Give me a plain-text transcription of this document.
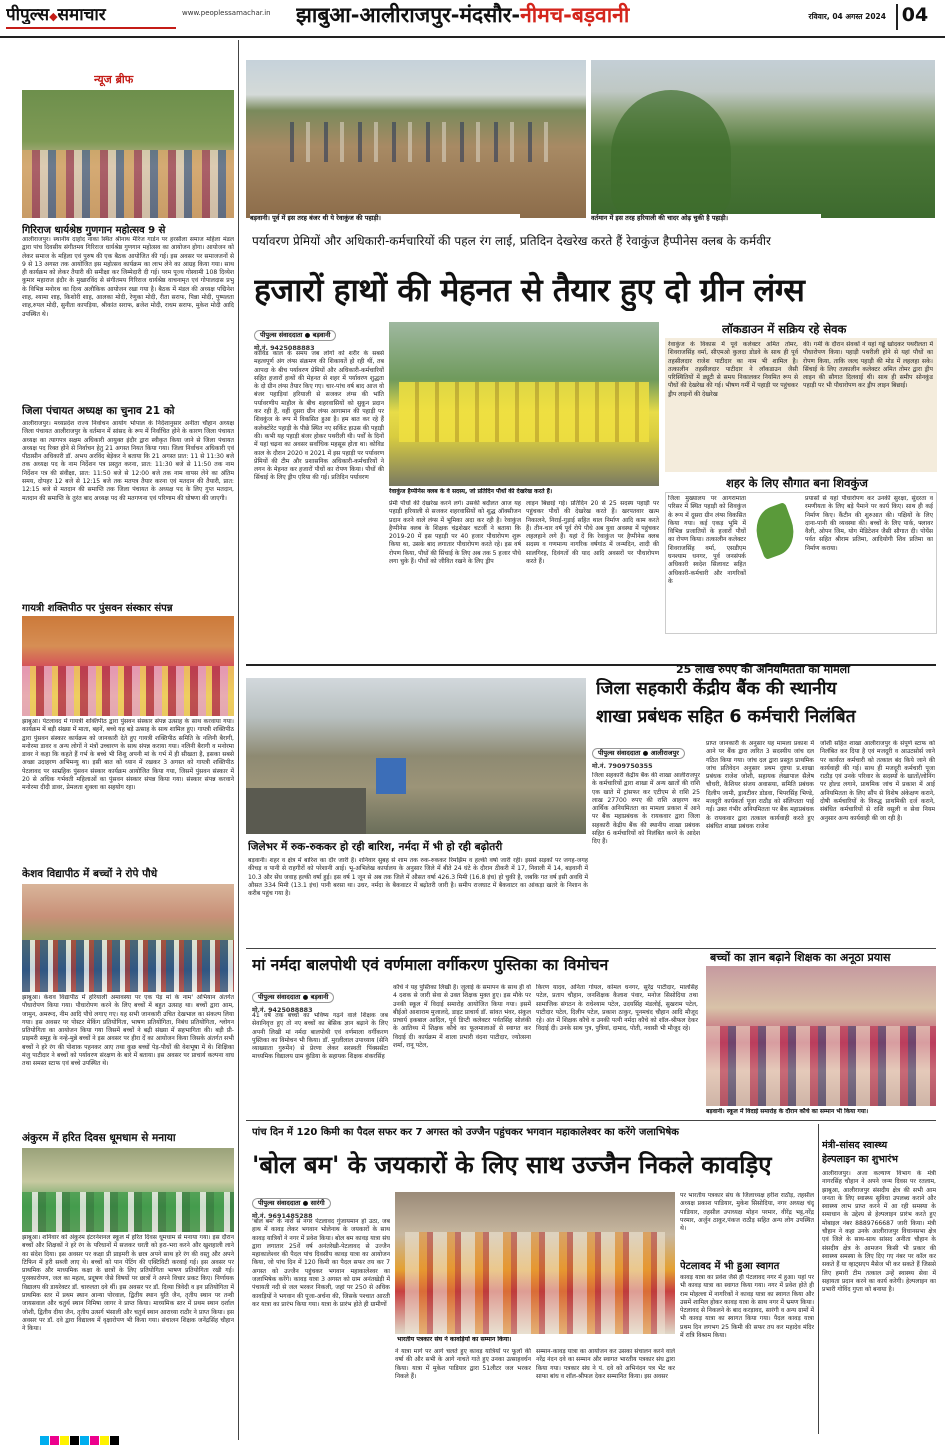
पीपुल्स◆समाचार	www.peoplessamachar.in	झाबुआ-आलीराजपुर-मंदसौर-नीमच-बड़वानी	रविवार, 04 अगस्त 2024 04
न्यूज ब्रीफ
गिरिराज धार्यश्रेष्ठ गुणगान महोत्सव 9 से
आलीराजपुर। स्थानीय दाहोद नाका स्थित श्रीनाथ मैरिज गार्डन पर हरसौला समाज महिला मंडल द्वारा पांच दिवसीय संगीतमय गिरिराज धार्यश्रेष्ठ गुणगान महोत्सव का आयोजन होगा। आयोजन को लेकर समाज के महिला एवं पुरुष की एक बैठक आयोजित की गई। इस अवसर पर समाजजनों से 9 से 13 अगस्त तक आयोजित इस महोत्सव कार्यक्रम का लाभ लेने का आग्रह किया गया। साथ ही कार्यक्रम को लेकर तैयारी की समीक्षा कर जिम्मेदारी दी गई। परम पूज्य गोस्वामी 108 दिव्येश कुमार महाराज इंदौर के मुखारविंद से संगीतमय गिरिराज धार्यश्रेष्ठ वाचनामृत एवं गोपालदास प्रभु के विभिन्न मनोरथ का दिव्य अलौकिक आयोजन रखा गया है। बैठक में मंडल की अध्यक्ष पद्मिनेश शाह, श्यामा शाह, किशोरी शाह, आलका मोदी, रेणुका मोदी, रीता सराफ, पिन्ना मोदी, पुष्पलता शाह,रुपल मोदी, सुनीता कापड़िया, श्रीकांत सराफ, ब्रजेश मोदी, राधम सराफ, मुकेश मोदी आदि उपस्थित थे।
जिला पंचायत अध्यक्ष का चुनाव 21 को
आलीराजपुर। मध्यप्रदेश राज्य निर्वाचन आयोग भोपाल के निर्देशानुसार अनीता चौहान अध्यक्ष जिला पंचायत आलीराजपुर के वर्तमान में सांसद के रूप में निर्वाचित होने के कारण जिला पंचायत अध्यक्ष का त्यागपत्र सक्षम अधिकारी आयुक्त इंदौर द्वारा स्वीकृत किया जाने से जिला पंचायत अध्यक्ष पद रिक्त होने से निर्वाचन हेतु 21 अगस्त नियत किया गया। जिला निर्वाचन अधिकारी एवं पीठासीन अधिकारी डॉ. अभय अरविंद बेड़ेकर ने बताया कि 21 अगस्त प्रात: 11 से 11:30 बजे तक अध्यक्ष पद के नाम निर्देशन पत्र प्रस्तुत करना, प्रात: 11:30 बजे से 11:50 तक नाम निर्देशन पत्र की संवीक्षा, प्रात: 11:50 बजे से 12:00 बजे तक नाम वापस लेने का अंतिम समय, दोपहर 12 बजे से 12:15 बजे तक मतपत्र तैयार करना एवं मतदान की तैयारी, प्रात: 12:15 बजे से मतदान की समाप्ति तक जिला पंचायत के अध्यक्ष पद के लिए गुप्त मतदान, मतदान की समाप्ति के तुरंत बाद अध्यक्ष पद की मतगणना एवं परिणाम की घोषणा की जाएगी।
गायत्री शक्तिपीठ पर पुंसवन संस्कार संपन्न
झाबुआ। पेटलावद में गायत्री शक्तिपीठ द्वारा पुंसवन संस्कार संपन्न उत्साह के साथ करवाया गया। कार्यक्रम में बड़ी संख्या में माता, बहनें, बच्चे यह बड़े उत्साह के साथ शामिल हुए। गायत्री शक्तिपीठ द्वारा पुंसवन संस्कार कार्यक्रम को जानकारी देते हुए गायत्री शक्तिपीठ समिति के नलिनी बैरागी, मनोरमा डावर व अन्य लोगों ने मंत्रों उच्चारण के साथ संपन्न कराया गया। नलिनी बैरागी व मनोरमा डावर ने कहा कि कहते हैं गर्भ के बच्चे भी शिशु अपनी मां के गर्भ में ही सीखता है, इसका सबसे अच्छा उदाहरण अभिमन्यु था। इसी बात को ध्यान में रखकर 3 अगस्त को गायत्री शक्तिपीठ पेटलावद पर साम्रहिक पुंसवन संस्कार कार्यक्रम आयोजित किया गया, जिसमें पुंसवन संस्कार में 20 से अधिक गर्भवती महिलाओं का पुंसवन संस्कार संपन्न किया गया। संस्कार संपन्न करवाने मनोरमा दीदी डावर, प्रेमलता शुक्ला का सहयोग रहा।
केशव विद्यापीठ में बच्चों ने रोपे पौधे
झाबुआ। केशव विद्यापीठ में हरियाली अमावस्या पर एक पेड़ मां के नाम' अभियान अंतर्गत पौधारोपण किया गया। पौधारोपण करने के लिए बच्चों में बहुत उत्साह था। बच्चों द्वारा आम, जामुन, अमरूद, नीम आदि पौधे लगाए गए। यह सभी जानकारी उचित देखभाल का संकल्प लिया गया। इस अवसर पर पोस्टर मेकिंग प्रतियोगिता, भाषण प्रतियोगिता, निबंध प्रतियोगिता, श्लोगन प्रतियोगिता का आयोजन किया गया जिसमें बच्चों ने बढ़ी संख्या में सहभागिता की। बड़ी प्री-प्राइमरी समूह के नन्हे-मुन्ने बच्चों ने इस अवसर पर हीरा दें का आयोजन किया जिसके अंतर्गत सभी बच्चों ने हरे रंग की पोशाक पहनकर आए तथा कुछ बच्चों पेड़-पौधों की वेशभूषा में थे। शिक्षिका मंजु पाटीदार ने बच्चों को पर्यावरण संरक्षण के बारे में बताया। इस अवसर पर प्राचार्य कल्पना वाघ तथा समस्त स्टाफ एवं बच्चे उपस्थित थे।
अंकुरम में हरित दिवस धूमधाम से मनाया
झाबुआ। शनिवार को अंकुरम इंटरनेशनल स्कूल में हरित दिवस धूमधाम से मनाया गया। इस दौरान बच्चों और शिक्षकों ने हरे रंग के परिधानों में सजकर धरती को हरा-भरा करने और खुशहाली लाने का संदेश दिया। इस अवसर पर कक्षा प्री प्राइमरी के छात्र अपने साथ हरे रंग की वस्तु और अपने टिफिन में हरी सब्जी लाए थे। बच्चों को पान पेंटिंग की एक्टिविटी करवाई गई। इस अवसर पर प्राथमिक और माध्यमिक कक्षा के छात्रों के लिए प्रतियोगिता भाषण प्रतियोगिता रखी गई। पुरस्कारोपण, जल का महत्व, प्रदूषण जैसे विषयों पर छात्रों ने अपने विचार प्रकट किए। निर्णायक विद्यालय की डायरेक्टर डॉ. चारुलता दवे थीं। इस अवसर पर डॉ. दिव्या त्रिवेदी व इन प्रतियोगिता में प्राथमिक स्तर में प्रथम स्थान आन्या पोरवाल, द्वितीय स्थान युति जैन, तृतीय स्थान पर तन्वी जायसवाल और चतुर्थ स्थान निमिषा जागर ने प्राप्त किया। माध्यमिक स्तर में प्रथम स्थान दर्शाल जोशी, द्वितीय दीया जैन, तृतीय उत्सर्ग भंसाली और चतुर्थ स्थान आराध्या राठौर ने प्राप्त किया। इस अवसर पर डॉ. दवे द्वारा विद्यालय में वृक्षारोपण भी किया गया। संचालन शिक्षक जनेंद्रसिंह चौहान ने किया।
बड़वानी। पूर्व में इस तरह बंजर थी ये रेवाकुंज की पहाड़ी।	वर्तमान में इस तरह हरियाली की चादर ओढ़ चुकी है पहाड़ी।
पर्यावरण प्रेमियों और अधिकारी-कर्मचारियों की पहल रंग लाई, प्रतिदिन देखरेख करते हैं रेवाकुंज हैप्पीनेस क्लब के कर्मवीर
हजारों हाथों की मेहनत से तैयार हुए दो ग्रीन लंग्स
पीपुल्स संवाददाता ● बड़वानी
मो.नं. 9425088883
कोविड काल के समय जब लोगों को शरीर के सबसे महत्वपूर्ण अंग लंग्स संक्रमण की शिकायतें हो रही थीं, तब आपदा के बीच पर्यावरण प्रेमियों और अधिकारी-कर्मचारियों सहित हजारों हाथों की मेहनत से शहर में पर्यावरण शुद्धता के दो ग्रीन लंग्स तैयार किए गए। चार-पांच वर्ष बाद आज वो बंजर पहाड़ियां हरियाली से सजकर लंग्स की भांति पर्यावरणीय माहौल के बीच शहरवासियों को सुकून प्रदान कर रही हैं, वहीं दूसरा ग्रीन लंग्स आगामान की पहाड़ी पर शिवकुंज के रूप में विकसित हुआ है। हम बात कर रहे हैं कलेक्टोरेट पहाड़ी के पीछे स्थित नए सर्किट हाउस की पहाड़ी की। कभी यह पहाड़ी बंजर होकर पथरीली थी। पर्वों के दिनों में यहां चढ़ना का अवसर सर्वाधिक महसूस होता था। कोविड काल के दौरान 2020 व 2021 में इस पहाड़ी पर पर्यावरण प्रेमियों की टीम और प्रशासनिक अधिकारी-कर्मचारियों ने लगन के मेहनत कर हजारों पौधों का रोपण किया। पौधों की सिंचाई के लिए ड्रीप एरिया की गई। प्रतिदिन पर्यावरण
रेवाकुंज हैप्पीनेस क्लब के वे सदस्य, जो प्रतिदिन पौधों की देखरेख करते हैं।
प्रेमी पौधों की देखरेख करने लगे। उसकी बदौलत आज यह पहाड़ी हरियाली से सजकर शहरवासियों को शुद्ध ऑक्सीजन प्रदान करने वाले लंग्स में भूमिका अदा कर रही है। रेवाकुंज हैप्पीनेस क्लब के शिक्षक चंद्रशेखर चटर्जी ने बताया कि 2019-20 में इस पहाड़ी पर 40 हजार पौधारोपण शुरू किया था, उसके बाद लगातार पौधारोपण करते रहे। इस वर्ष रोपण किया, पौधों की सिंचाई के लिए अब तक 5 हजार पौधे लगा चुके हैं। पौधों को जीवित रखने के लिए ड्रीप
लाइन बिछाई गई। प्रतिदिन 20 से 25 सदस्य पहाड़ी पर पहुंचकर पौधों की देखरेख करते हैं। खरपतवार खत्म निकालने, निराई-गुड़ाई सहित थाल निर्माण आदि काम करते हैं। तीन-चार वर्ष पूर्व रोपे पौधे अब युवा अवस्था में पहुंचकर लहलहाने लगे हैं। यहां दें कि रेवाकुंज पर हैप्पीनेस क्लब सदस्य व गणमान्य नागरिक वर्षगांठ में जन्मदिन, शादी की सालगिरह, दिवंगतों की याद आदि अवसरों पर पौधारोपण करते हैं।
लॉकडाउन में सक्रिय रहे सेवक
रेवाकुंज के विकास में पूर्व कलेक्टर अमित तोमर, शिवराजसिंह वर्मा, सीएमओ कुलदा डोडवे के साथ ही पूर्व तहसीलदार राजेश पाटीदार का नाम भी शामिल है। तत्कालीन तहसीलदार पाटीदार ने लॉकडाउन जैसी परिस्थितियों में ड्यूटी से समय निकालकर नियमित रूप से पौधों की देखरेख की गई। भीषण गर्मी में पहाड़ी पर पहुंचकर ड्रीप लाइनों की देखरेख
की। गर्मी के दौरान सेवकों ने यहां गड्ढे खोदकर पथरीलता में पौधारोपण किया। पहाड़ी पथरीली होने से यहां पौधों का रोपण किया, ताकि जल्द पहाड़ी की मोड में लहलहा सके। सिंचाई के लिए तत्कालीन कलेक्टर अमित तोमर द्वारा ड्रीप लाइन की सौगात दिलवाई थी। साथ ही समीप सोनकुंड पहाड़ी पर भी पौधारोपण कर ड्रीप लाइन बिछाई।
शहर के लिए सौगात बना शिवकुंज
जिला मुख्यालय पर आगरामाता परिसर में स्थित पहाड़ी को शिवकुंज के रूप में दूसरा ग्रीन लंग्स विकसित किया गया। कई एकड़ भूमि में विभिन्न प्रजातियों के हजारों पौधों का रोपण किया। तत्कालीन कलेक्टर शिवराजसिंह वर्मा, एसडीएम घनश्याम धनगर, पूर्व जनसंपर्क अधिकारी स्वदेश सिलावट सहित अधिकारी-कर्मचारी और नागरिकों के
प्रयासों से यहां पौधारोपण कर उनकी सुरक्षा, सुंदरता व रमणीयता के लिए बड़े पैमाने पर कार्य किए। साथ ही कई निर्माण किए। कैंटीन की शुरुआत की। पक्षियों के लिए दाना-पानी की व्यवस्था की। बच्चों के लिए पार्क, फ्लावर वैली, ओपन जिम, योग मेडिटेशन जैसी सौगात दी। पोयेंस पर्वत सहित श्रीराम प्रतिमा, आदियोगी शिव प्रतिमा का निर्माण कराया।
जिलेभर में रुक-रुककर हो रही बारिश, नर्मदा में भी हो रही बढ़ोतरी
बड़वानी। शहर व क्षेत्र में बारिश का दौर जारी है। शनिवार सुबह से शाम तक रुक-रुककर रिमझिम व हल्की वर्षा जारी रही। इससे सड़कों पर जगह-जगह कीचड़ व पानी से राहगीरों को परेशानी आई। भू-अभिलेख कार्यालय के अनुसार जिले में बीते 24 घंटे के दौरान ठीकरी में 17, निवाली में 14, बड़वानी में 10.3 और सेंध जवाह हल्की वर्षा हुई। इस वर्ष 1 जून से अब तक जिले में औसत वर्षा 426.3 मिमी (16.8 इंच) हो चुकी है, जबकि गत वर्ष इसी अवधि में औसत 334 मिमी (13.1 इंच) पानी बरसा था। उधर, नर्मदा के बैकवाटर में बढ़ोतरी जारी है। समीप राजघाट में बैकवाटर का आंकड़ा खतरे के निशान के करीब पहुंच गया है।
25 लाख रुपए की अनियमितता का मामला
जिला सहकारी केंद्रीय बैंक की स्थानीय
शाखा प्रबंधक सहित 6 कर्मचारी निलंबित
पीपुल्स संवाददाता ● आलीराजपुर
मो.नं. 7909750355
जिला सहकारी केंद्रीय बैंक की शाखा आलीराजपुर के कर्मचारियों द्वारा शाखा में अन्य खातों की राशि एक खाते में ट्रांसफर कर एटीएम से राशि 25 लाख 27700 रुपए की राशि आहरण कर आर्थिक अनियमितता का मामला प्रकाश में आने पर बैंक महाप्रबंधक के रायकवार द्वारा जिला सहकारी केंद्रीय बैंक की स्थानीय शाखा प्रबंधक सहित 6 कर्मचारियों को निलंबित करने के आदेश दिए हैं।
प्राप्त जानकारी के अनुसार यह मामला प्रकाश में आने पर बैंक द्वारा त्वरित 3 सदस्यीय जांच दल गठित किया गया। जांच दल द्वारा प्रस्तुत प्राथमिक जांच प्रतिवेदन अनुसार प्रथम दृष्टया प्र.शाखा प्रबंधक राजेश जोशी, सहायक लेखापाल सैलेष चौधरी, कैशियर संजय अवासया, समिति प्रबंधक दिलीप जामी, ड्रायटीवर डोडवा, भिपरसिंह भिण्डे, मजदूरी कार्यकर्ता पूजा राठौड़ को संलिप्तता पाई गई। उक्त गंभीर अनियमितता पर बैंक महाप्रबंधक के रायकवार द्वारा तत्काल कार्यवाही करते हुए संबंधित शाखा प्रबंधक राजेश
जोशी सहित शाखा आलीराजपुर के संपूर्ण स्टाफ को निलंबित कर दिया है एवं मजदूरी व आउटसोर्स जाने पर कार्यरत कर्मचारी को तत्काल बंद किये जाने की कार्यवाही की गई। साथ ही मजदूरी कर्मचारी पूजा राठौड़ एवं उनके परिवार के सदस्यों के खातों/लोनिंग पर होल्ड लगाने, प्राथमिक जांच में प्रकाश में आई अनियमितता के लिए सौंप से विशेष अंकेक्षण कराने, दोषी कर्मचारियों के विरुद्ध प्राथमिकी दर्ज कराने, संबंधित कर्मचारियों से राशि वसूली व सेवा नियम अनुसार अन्य कार्यवाही की जा रही है।
मां नर्मदा बालपोथी एवं वर्णमाला वर्गीकरण पुस्तिका का विमोचन
पीपुल्स संवाददाता ● बड़वानी
मो.नं. 9425088883
41 वर्ष तक बच्चों का भविष्य गढ़ने वाले शिक्षक जब सेवानिवृत्त हुए तो नए बच्चों का बेसिक ज्ञान बढ़ाने के लिए अपनी लिखी मां नर्मदा बालपोथी एवं वर्णमाला वर्गीकरण पुस्तिका का विमोचन भी किया। डॉ. मुरलीलाल उपाध्याय (सेनि व्याख्याता गुरुमेंन) से प्रेरणा लेकर सरस्वती पिंक्ससँटा माध्यमिक विद्यालय ग्राम कुंडिया के सहायक शिक्षक शंकरसिंह
कौचे ने यह पुस्तिका लिखी है। जुलाई के समापन के साथ ही वो 4 दशक से जारी सेवा से उक्त शिक्षक मुक्त हुए। इस मौके पर उनकी स्कूल में विदाई समारोह आयोजित किया गया। इसमें बीईओ आशाराम मुजालदे, डाइट प्राचार्य डॉ. सांवत भंवर, संकुल प्राचार्य इकबाल आदिल, पूर्व डिप्टी कलेक्टर पर्वतसिंह सोलंकी के आतिथ्य में शिक्षक कौचे का फूलमालाओं से स्वागत कर विदाई दी। कार्यक्रम में शाला प्रभारी वंदना पाटीदार, ज्योत्सना शर्मा, रानू पटेल,
किरण यादव, अनिता गोयल, कोमल धनगर, सुरेंद्र पाटीदार, मालसिंह पटेल, प्रताप चौहान, जनशिक्षक कैलाश पंवार, मनोज सिसोदिया तथा सामाजिक संगठन के राधेश्याम पटेल, उदयसिंह मंडलोई, सुखराम पटेल, पाटीदार पटेल, दिलीप पटेल, प्रकाश ठाकुर, पूनमचंद चौहान आदि मौजूद रहे। अंत में शिक्षक कौचे व उनकी पत्नी नर्मदा कौचे को शॉल-श्रीफल देकर विदाई दी। उनके साथ पुत्र, पुत्रियां, दामाद, पोती, नवासी भी मौजूद रहे।
बच्चों का ज्ञान बढ़ाने शिक्षक का अनूठा प्रयास
बड़वानी। स्कूल में विदाई समारोह के दौरान कौचे का सम्मान भी किया गया।
पांच दिन में 120 किमी का पैदल सफर कर 7 अगस्त को उज्जैन पहुंचकर भगवान महाकालेश्वर का करेंगे जलाभिषेक
'बोल बम' के जयकारों के लिए साथ उज्जैन निकले कावड़िए
पीपुल्स संवाददाता ● सारंगी
मो.नं. 9691485288
'बोल बम' के नारों से नगर पेटलावद गुंजायमान हो उठा, जब हाथ में कावड़ लेकर भगवान भोलेनाथ के जयकारों के साथ कावड़ यात्रियों ने नगर में प्रवेश किया। बोल बम कावड़ यात्रा संघ द्वारा लगातार 25वें वर्ष अनंतरेखी-पेटलावद से उज्जैन महाकालेश्वर की पैदल पांच दिवसीय कावड़ यात्रा का आयोजन किया, जो पांच दिन में 120 किमी का पैदल सफर तय कर 7 अगस्त को उज्जैन पहुंचकर भगवान महाकालेश्वर का जलाभिषेक करेंगे। कावड़ यात्रा 3 अगस्त को ग्राम अनंतखेड़ी में पंचायती नदी से जल भरकर निकली, जहां पर 250 से अधिक कावड़ियों ने भगवान की पूजा-अर्चना की, जिसके पश्चात आरती कर यात्रा का प्रारंभ किया गया। यात्रा के प्रारंभ होते ही ग्रामीणों
भारतीय पत्रकार संघ ने कावड़ियों का सम्मान किया।
ने यात्रा मार्ग पर आगे चलते हुए कावड़ यात्रियों पर फूलों की वर्षा की और सभी के आगे नाचते गाते हुए उनका उत्साहवर्धन किया। यात्रा में मुकेश पाडियार द्वारा 51लीटर जल भरकर निकले हैं।
सम्मान-कावड़ यात्रा का आयोजन कर उसका संचालन करने वाले नरेंद्र नंदन दवे का सम्मान और स्वागत भारतीय पत्रकार संघ द्वारा किया गया। पत्रकार संघ ने पं. दवे को अभिनंदन पत्र भेंट कर साफा बांध व शॉल-श्रीफल देकर सम्मानित किया। इस अवसर
पर भारतीय पत्रकार संघ के जिलाध्यक्ष हरीश राठौड़, तहसील अध्यक्ष प्रकाश पाडियार, मुकेश सिसोदिया, नगर अध्यक्ष चंदू पाडियार, तहसील उपाध्यक्ष मोहन परमार, वीरेंद्र भट्ट,नरेंद्र परमार, अर्जुन ठाकुर,पंकज राठौड़ सहित अन्य लोग उपस्थित थे।
पेटलावद में भी हुआ स्वागत
कावड़ यात्रा का प्रवेश जैसे ही पेटलावद नगर में हुआ। यहां पर भी कावड़ यात्रा का स्वागत किया गया। नगर में प्रवेश होते ही राम मोहल्ला में नागरिकों ने कावड़ यात्रा का स्वागत किया और उसमें शामिल होकर कावड़ यात्रा के साथ नगर में भ्रमण किया। पेटलावद से निकलने के बाद करड़ावद, सारंगी व अन्य ग्रामों में भी कावड़ यात्रा का स्वागत किया गया। पैदल कावड़ यात्रा प्रथम दिन लगभग 25 किमी की सफर तय कर महादेव मंदिर में रात्रि विश्राम किया।
मंत्री-सांसद स्वास्थ्य
हेल्पलाइन का शुभारंभ
आलीराजपुर। अजा कल्याण विभाग के मंत्री नागरसिंह चौहान ने अपने जन्म दिवस पर रतलाम, झाबुआ, आलीराजपुर संसदीय क्षेत्र की सभी आम जनता के लिए स्वास्थ्य सुविधा उपलब्ध कराने और स्वास्थ्य लाभ प्राप्त करने में आ रही समस्या के समाधान के उद्देश्य से हेल्पलाइन प्रारंभ करते हुए मोबाइल नंबर 8889766687 जारी किया। मंत्री चौहान ने कहा उनके आलीराजपुर विधानसभा क्षेत्र एवं जिले के साथ-साथ सांसद अनीता चौहान के संसदीय क्षेत्र के आमजन किसी भी प्रकार की स्वास्थ्य समस्या के लिए दिए गए नंबर पर कॉल कर सकते हैं या व्हाट्सएप मैसेज भी कर सकते हैं जिससे लिए हमारी टीम तत्काल उन्हें स्वास्थ्य सेवा में सहायता प्रदान करने का कार्य करेगी। हेल्पलाइन का प्रभारी गोविंद गुप्ता को बनाया है।
